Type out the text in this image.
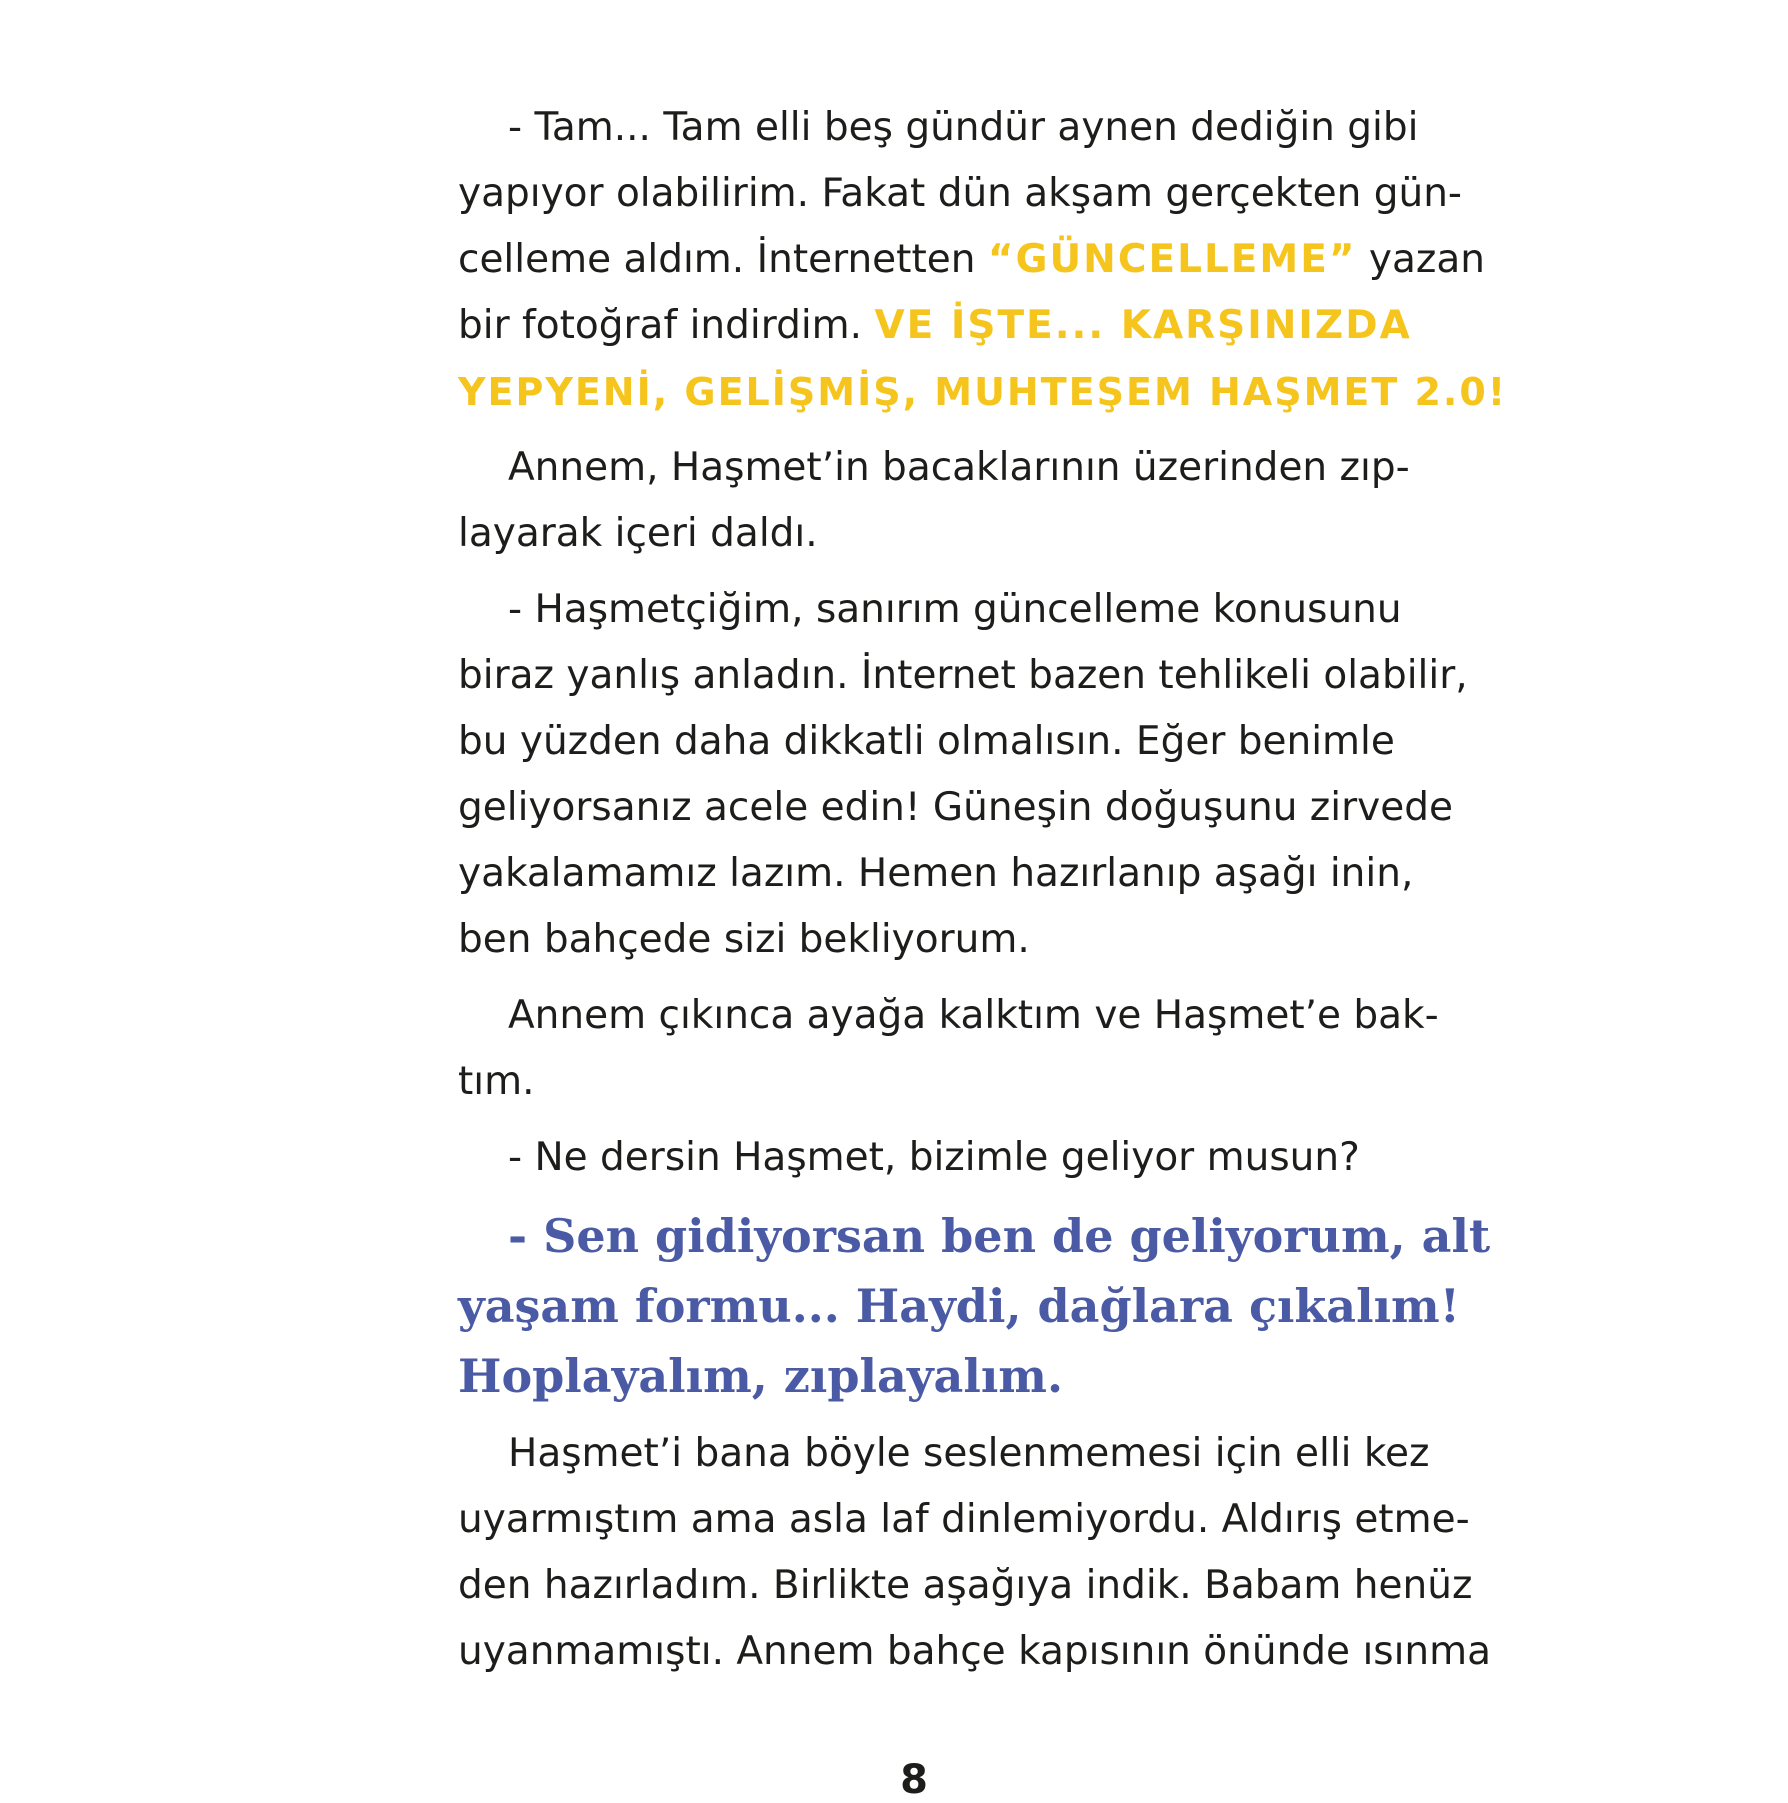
- Tam... Tam elli beş gündür aynen dediğin gibi
yapıyor olabilirim. Fakat dün akşam gerçekten gün-
celleme aldım. İnternetten “GÜNCELLEME” yazan
bir fotoğraf indirdim. VE İŞTE... KARŞINIZDA
YEPYENİ, GELİŞMİŞ, MUHTEŞEM HAŞMET 2.0!
Annem, Haşmet’in bacaklarının üzerinden zıp-
layarak içeri daldı.
- Haşmetçiğim, sanırım güncelleme konusunu
biraz yanlış anladın. İnternet bazen tehlikeli olabilir,
bu yüzden daha dikkatli olmalısın. Eğer benimle
geliyorsanız acele edin! Güneşin doğuşunu zirvede
yakalamamız lazım. Hemen hazırlanıp aşağı inin,
ben bahçede sizi bekliyorum.
Annem çıkınca ayağa kalktım ve Haşmet’e bak-
tım.
- Ne dersin Haşmet, bizimle geliyor musun?
- Sen gidiyorsan ben de geliyorum, alt
yaşam formu... Haydi, dağlara çıkalım!
Hoplayalım, zıplayalım.
Haşmet’i bana böyle seslenmemesi için elli kez
uyarmıştım ama asla laf dinlemiyordu. Aldırış etme-
den hazırladım. Birlikte aşağıya indik. Babam henüz
uyanmamıştı. Annem bahçe kapısının önünde ısınma
8
